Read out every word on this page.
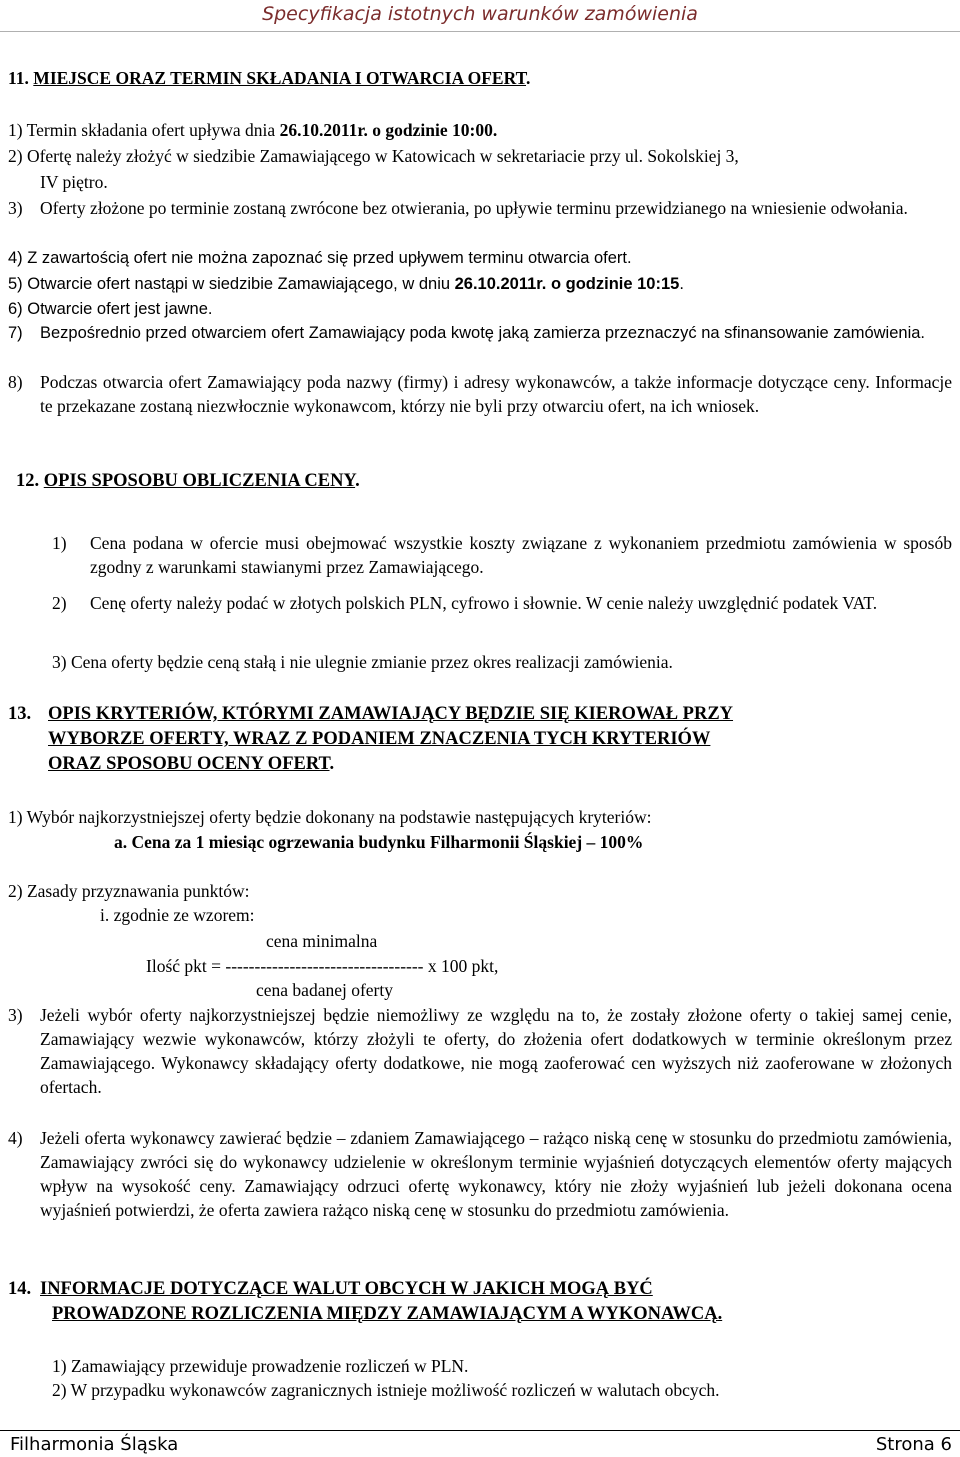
Specyfikacja istotnych warunków zamówienia
11. MIEJSCE ORAZ TERMIN SKŁADANIA I OTWARCIA OFERT.
1) Termin składania ofert upływa dnia 26.10.2011r. o godzinie 10:00.
2) Ofertę należy złożyć w siedzibie Zamawiającego w Katowicach w sekretariacie przy ul. Sokolskiej 3,
IV piętro.
3) Oferty złożone po terminie zostaną zwrócone bez otwierania, po upływie terminu przewidzianego na wniesienie odwołania.
4) Z zawartością ofert nie można zapoznać się przed upływem terminu otwarcia ofert.
5) Otwarcie ofert nastąpi w siedzibie Zamawiającego, w dniu 26.10.2011r. o godzinie 10:15.
6) Otwarcie ofert jest jawne.
7) Bezpośrednio przed otwarciem ofert Zamawiający poda kwotę jaką zamierza przeznaczyć na sfinansowanie zamówienia.
8) Podczas otwarcia ofert Zamawiający poda nazwy (firmy) i adresy wykonawców, a także informacje dotyczące ceny. Informacje te przekazane zostaną niezwłocznie wykonawcom, którzy nie byli przy otwarciu ofert, na ich wniosek.
12. OPIS SPOSOBU OBLICZENIA CENY.
1) Cena podana w ofercie musi obejmować wszystkie koszty związane z wykonaniem przedmiotu zamówienia w sposób zgodny z warunkami stawianymi przez Zamawiającego.
2) Cenę oferty należy podać w złotych polskich PLN, cyfrowo i słownie. W cenie należy uwzględnić podatek VAT.
3) Cena oferty będzie ceną stałą i nie ulegnie zmianie przez okres realizacji zamówienia.
13. OPIS KRYTERIÓW, KTÓRYMI ZAMAWIAJĄCY BĘDZIE SIĘ KIEROWAŁ PRZY
WYBORZE OFERTY, WRAZ Z PODANIEM ZNACZENIA TYCH KRYTERIÓW
ORAZ SPOSOBU OCENY OFERT.
1) Wybór najkorzystniejszej oferty będzie dokonany na podstawie następujących kryteriów:
a. Cena za 1 miesiąc ogrzewania budynku Filharmonii Śląskiej – 100%
2) Zasady przyznawania punktów:
i. zgodnie ze wzorem:
cena minimalna
Ilość pkt = ---------------------------------- x 100 pkt,
cena badanej oferty
3) Jeżeli wybór oferty najkorzystniejszej będzie niemożliwy ze względu na to, że zostały złożone oferty o takiej samej cenie, Zamawiający wezwie wykonawców, którzy złożyli te oferty, do złożenia ofert dodatkowych w terminie określonym przez Zamawiającego. Wykonawcy składający oferty dodatkowe, nie mogą zaoferować cen wyższych niż zaoferowane w złożonych ofertach.
4) Jeżeli oferta wykonawcy zawierać będzie – zdaniem Zamawiającego – rażąco niską cenę w stosunku do przedmiotu zamówienia, Zamawiający zwróci się do wykonawcy udzielenie w określonym terminie wyjaśnień dotyczących elementów oferty mających wpływ na wysokość ceny. Zamawiający odrzuci ofertę wykonawcy, który nie złoży wyjaśnień lub jeżeli dokonana ocena wyjaśnień potwierdzi, że oferta zawiera rażąco niską cenę w stosunku do przedmiotu zamówienia.
14. INFORMACJE DOTYCZĄCE WALUT OBCYCH W JAKICH MOGĄ BYĆ
PROWADZONE ROZLICZENIA MIĘDZY ZAMAWIAJĄCYM A WYKONAWCĄ.
1) Zamawiający przewiduje prowadzenie rozliczeń w PLN.
2) W przypadku wykonawców zagranicznych istnieje możliwość rozliczeń w walutach obcych.
Filharmonia Śląska	Strona 6
